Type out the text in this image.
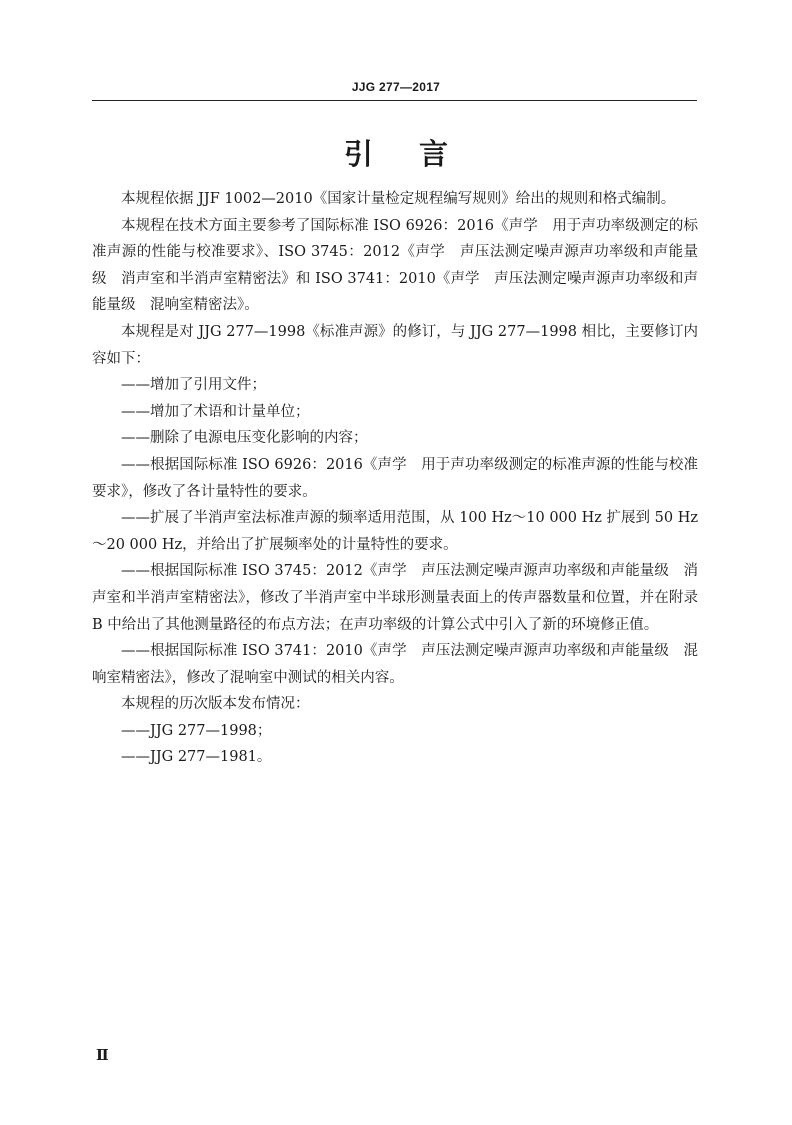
JJG 277—2017
引言

本规程依据 JJF 1002—2010《国家计量检定规程编写规则》给出的规则和格式编制。

本规程在技术方面主要参考了国际标准 ISO 6926：2016《声学　用于声功率级测定的标准声源的性能与校准要求》、ISO 3745：2012《声学　声压法测定噪声源声功率级和声能量级　消声室和半消声室精密法》和 ISO 3741：2010《声学　声压法测定噪声源声功率级和声能量级　混响室精密法》。

本规程是对 JJG 277—1998《标准声源》的修订，与 JJG 277—1998 相比，主要修订内容如下：

——增加了引用文件；

——增加了术语和计量单位；

——删除了电源电压变化影响的内容；

——根据国际标准 ISO 6926：2016《声学　用于声功率级测定的标准声源的性能与校准要求》，修改了各计量特性的要求。

——扩展了半消声室法标准声源的频率适用范围，从 100 Hz～10 000 Hz 扩展到 50 Hz～20 000 Hz，并给出了扩展频率处的计量特性的要求。

——根据国际标准 ISO 3745：2012《声学　声压法测定噪声源声功率级和声能量级　消声室和半消声室精密法》，修改了半消声室中半球形测量表面上的传声器数量和位置，并在附录 B 中给出了其他测量路径的布点方法；在声功率级的计算公式中引入了新的环境修正值。

——根据国际标准 ISO 3741：2010《声学　声压法测定噪声源声功率级和声能量级　混响室精密法》，修改了混响室中测试的相关内容。

本规程的历次版本发布情况：

——JJG 277—1998；

——JJG 277—1981。

Ⅱ
